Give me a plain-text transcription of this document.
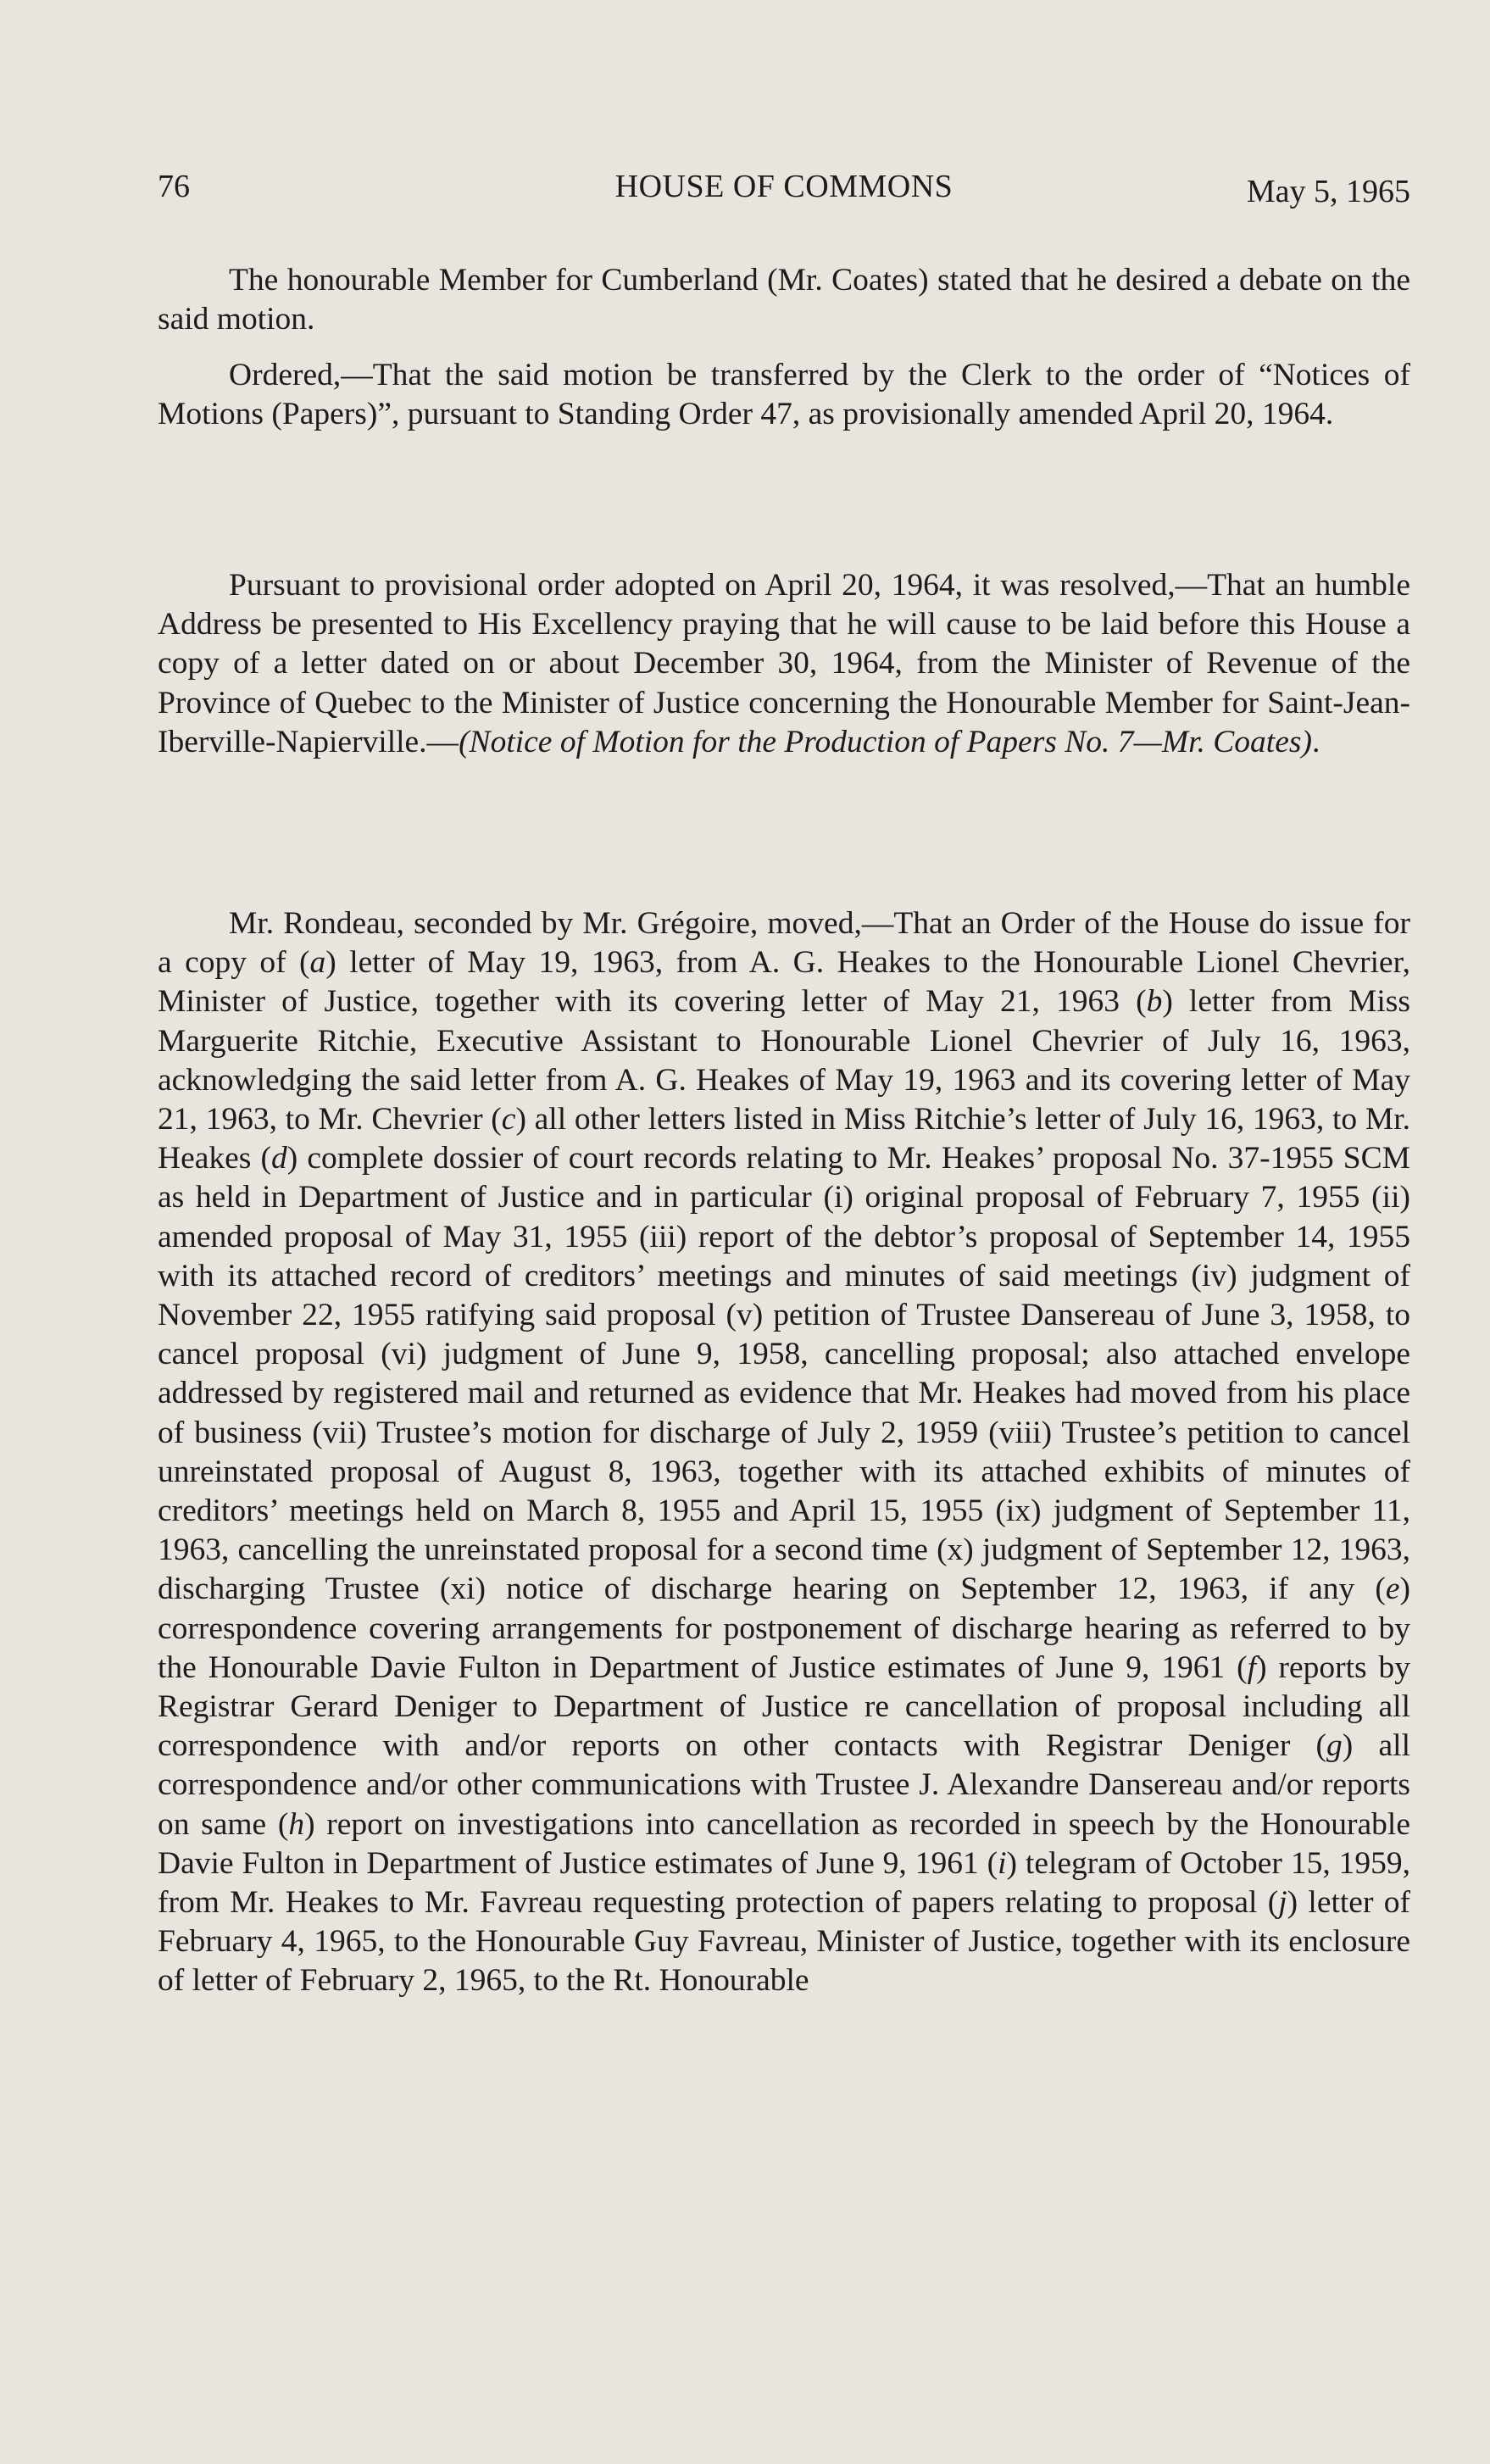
76	HOUSE OF COMMONS	May 5, 1965

The honourable Member for Cumberland (Mr. Coates) stated that he desired a debate on the said motion.

Ordered,—That the said motion be transferred by the Clerk to the order of “Notices of Motions (Papers)”, pursuant to Standing Order 47, as provisionally amended April 20, 1964.

Pursuant to provisional order adopted on April 20, 1964, it was resolved,—That an humble Address be presented to His Excellency praying that he will cause to be laid before this House a copy of a letter dated on or about December 30, 1964, from the Minister of Revenue of the Province of Quebec to the Minister of Justice concerning the Honourable Member for Saint-Jean-Iberville-Napierville.—(Notice of Motion for the Production of Papers No. 7—Mr. Coates).

Mr. Rondeau, seconded by Mr. Grégoire, moved,—That an Order of the House do issue for a copy of (a) letter of May 19, 1963, from A. G. Heakes to the Honourable Lionel Chevrier, Minister of Justice, together with its covering letter of May 21, 1963 (b) letter from Miss Marguerite Ritchie, Executive Assistant to Honourable Lionel Chevrier of July 16, 1963, acknowledging the said letter from A. G. Heakes of May 19, 1963 and its covering letter of May 21, 1963, to Mr. Chevrier (c) all other letters listed in Miss Ritchie’s letter of July 16, 1963, to Mr. Heakes (d) complete dossier of court records relating to Mr. Heakes’ proposal No. 37-1955 SCM as held in Department of Justice and in particular (i) original proposal of February 7, 1955 (ii) amended proposal of May 31, 1955 (iii) report of the debtor’s proposal of September 14, 1955 with its attached record of creditors’ meetings and minutes of said meetings (iv) judgment of November 22, 1955 ratifying said proposal (v) petition of Trustee Dansereau of June 3, 1958, to cancel proposal (vi) judgment of June 9, 1958, cancelling proposal; also attached envelope addressed by registered mail and returned as evidence that Mr. Heakes had moved from his place of business (vii) Trustee’s motion for discharge of July 2, 1959 (viii) Trustee’s petition to cancel unreinstated proposal of August 8, 1963, together with its attached exhibits of minutes of creditors’ meetings held on March 8, 1955 and April 15, 1955 (ix) judgment of September 11, 1963, cancelling the unreinstated proposal for a second time (x) judgment of September 12, 1963, discharging Trustee (xi) notice of discharge hearing on September 12, 1963, if any (e) correspondence covering arrangements for postponement of discharge hearing as referred to by the Honourable Davie Fulton in Department of Justice estimates of June 9, 1961 (f) reports by Registrar Gerard Deniger to Department of Justice re cancellation of proposal including all correspondence with and/or reports on other contacts with Registrar Deniger (g) all correspondence and/or other communications with Trustee J. Alexandre Dansereau and/or reports on same (h) report on investigations into cancellation as recorded in speech by the Honourable Davie Fulton in Department of Justice estimates of June 9, 1961 (i) telegram of October 15, 1959, from Mr. Heakes to Mr. Favreau requesting protection of papers relating to proposal (j) letter of February 4, 1965, to the Honourable Guy Favreau, Minister of Justice, together with its enclosure of letter of February 2, 1965, to the Rt. Honourable
